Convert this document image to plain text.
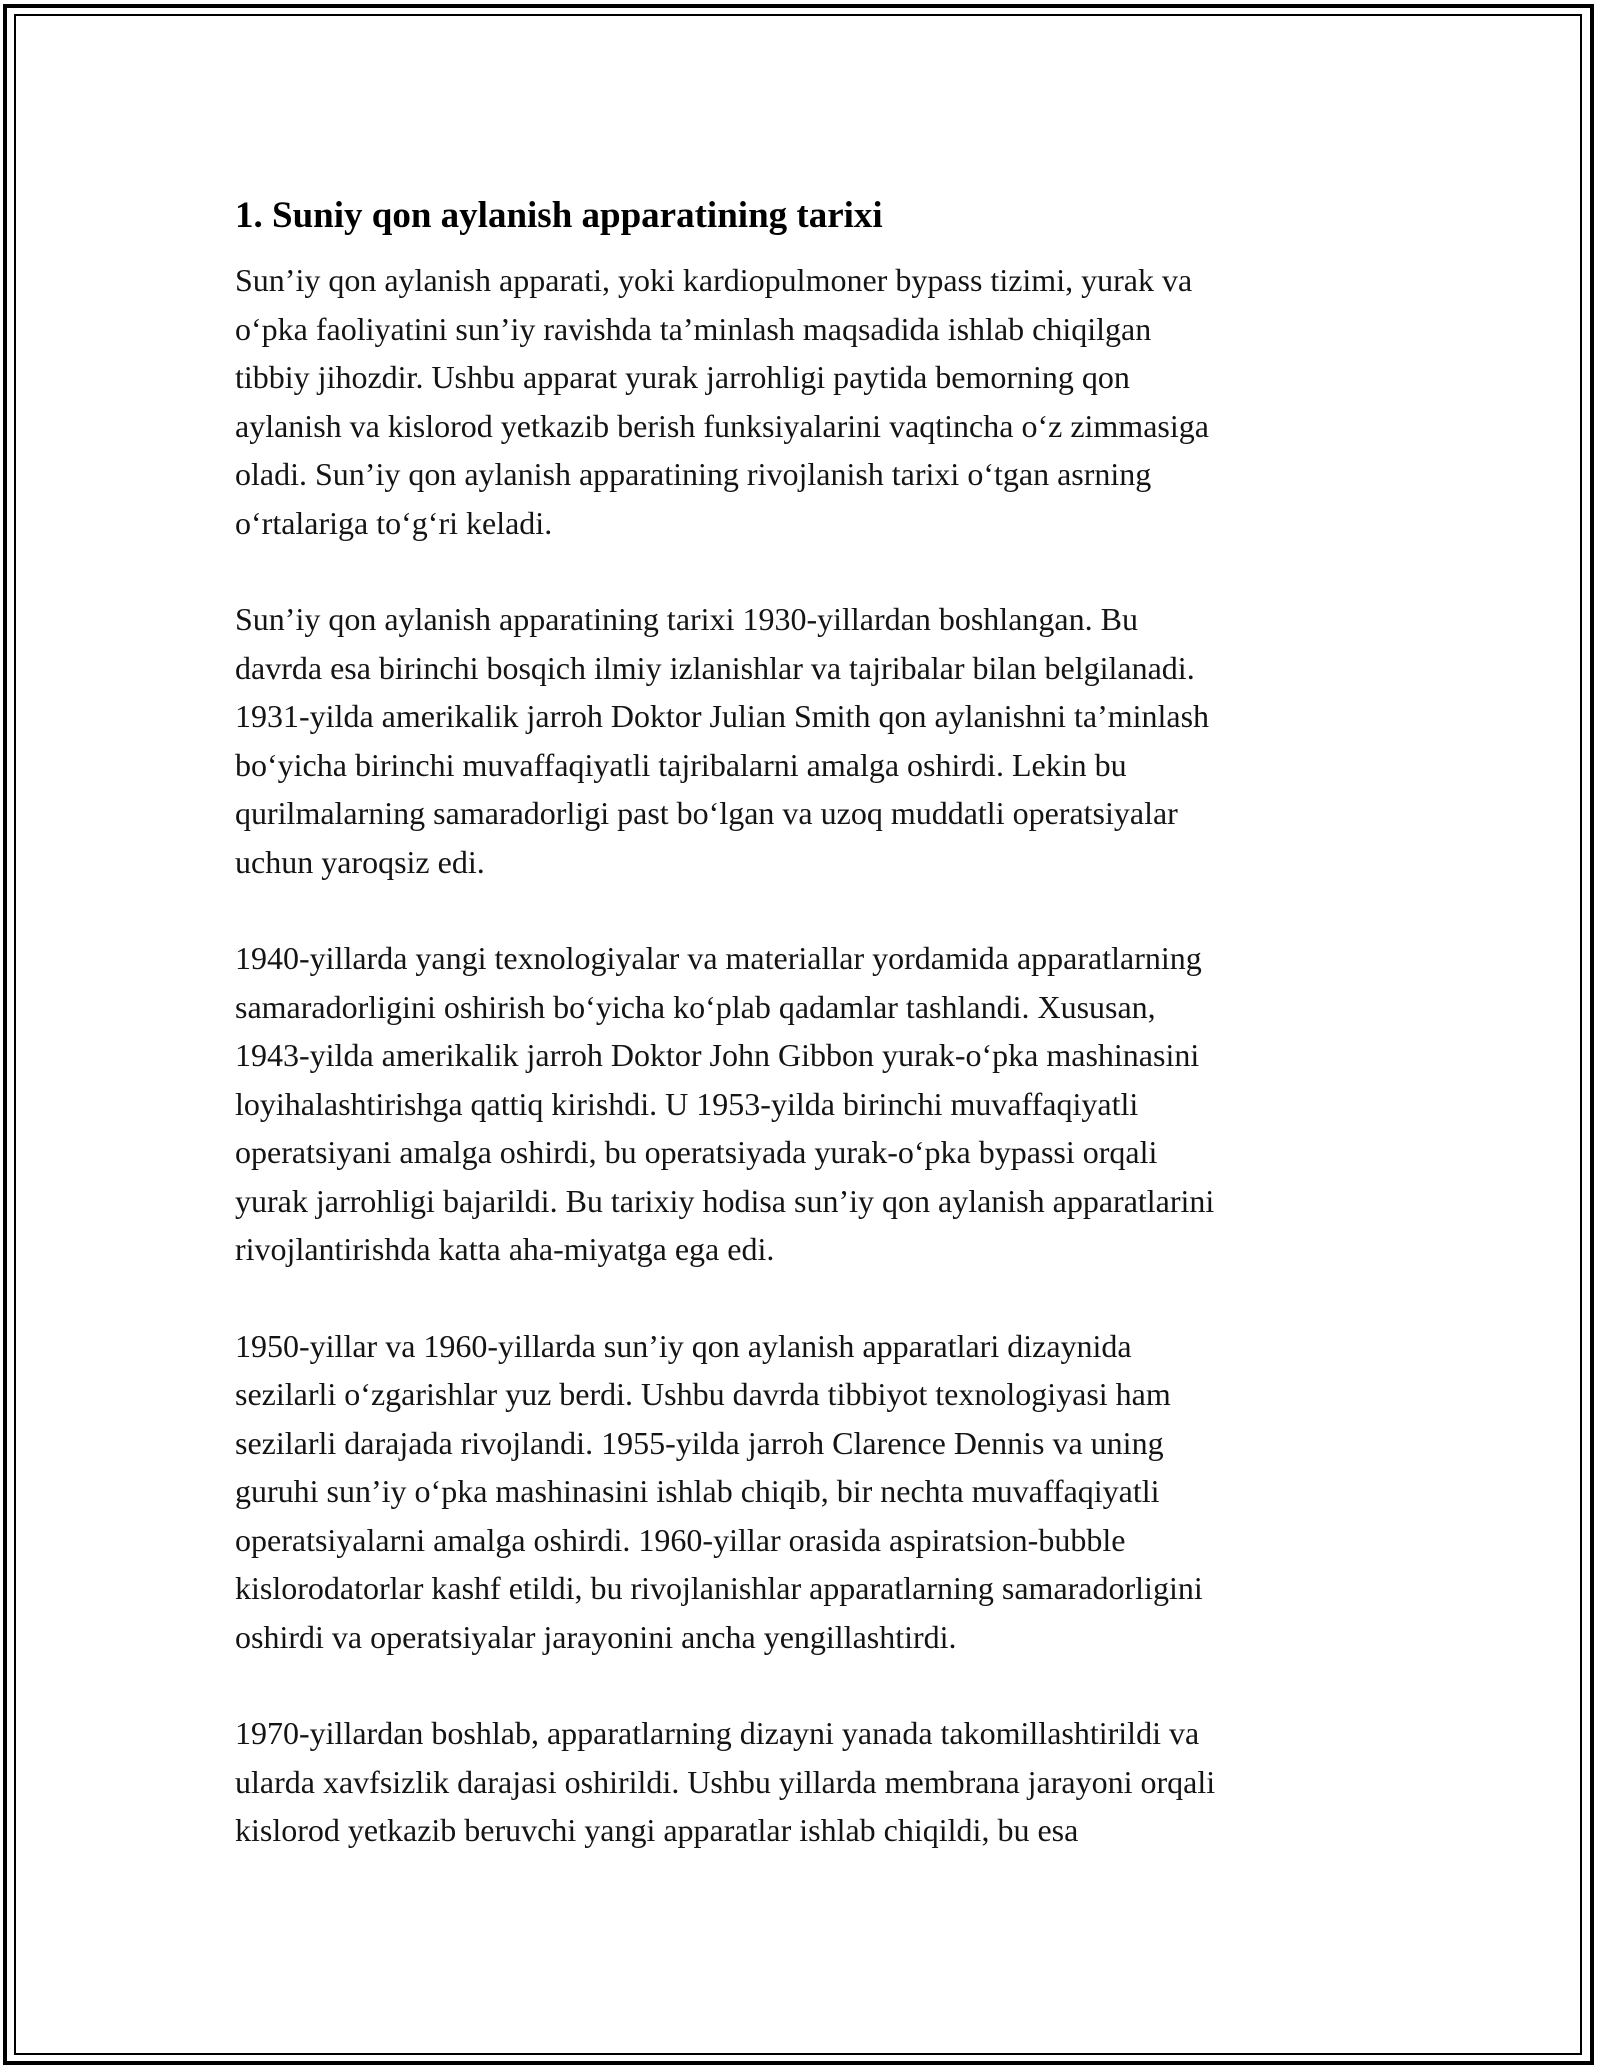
1. Suniy qon aylanish apparatining tarixi

Sun’iy qon aylanish apparati, yoki kardiopulmoner bypass tizimi, yurak va
o‘pka faoliyatini sun’iy ravishda ta’minlash maqsadida ishlab chiqilgan
tibbiy jihozdir. Ushbu apparat yurak jarrohligi paytida bemorning qon
aylanish va kislorod yetkazib berish funksiyalarini vaqtincha o‘z zimmasiga
oladi. Sun’iy qon aylanish apparatining rivojlanish tarixi o‘tgan asrning
o‘rtalariga to‘g‘ri keladi.

Sun’iy qon aylanish apparatining tarixi 1930-yillardan boshlangan. Bu
davrda esa birinchi bosqich ilmiy izlanishlar va tajribalar bilan belgilanadi.
1931-yilda amerikalik jarroh Doktor Julian Smith qon aylanishni ta’minlash
bo‘yicha birinchi muvaffaqiyatli tajribalarni amalga oshirdi. Lekin bu
qurilmalarning samaradorligi past bo‘lgan va uzoq muddatli operatsiyalar
uchun yaroqsiz edi.

1940-yillarda yangi texnologiyalar va materiallar yordamida apparatlarning
samaradorligini oshirish bo‘yicha ko‘plab qadamlar tashlandi. Xususan,
1943-yilda amerikalik jarroh Doktor John Gibbon yurak-o‘pka mashinasini
loyihalashtirishga qattiq kirishdi. U 1953-yilda birinchi muvaffaqiyatli
operatsiyani amalga oshirdi, bu operatsiyada yurak-o‘pka bypassi orqali
yurak jarrohligi bajarildi. Bu tarixiy hodisa sun’iy qon aylanish apparatlarini
rivojlantirishda katta aha-miyatga ega edi.

1950-yillar va 1960-yillarda sun’iy qon aylanish apparatlari dizaynida
sezilarli o‘zgarishlar yuz berdi. Ushbu davrda tibbiyot texnologiyasi ham
sezilarli darajada rivojlandi. 1955-yilda jarroh Clarence Dennis va uning
guruhi sun’iy o‘pka mashinasini ishlab chiqib, bir nechta muvaffaqiyatli
operatsiyalarni amalga oshirdi. 1960-yillar orasida aspiratsion-bubble
kislorodatorlar kashf etildi, bu rivojlanishlar apparatlarning samaradorligini
oshirdi va operatsiyalar jarayonini ancha yengillashtirdi.

1970-yillardan boshlab, apparatlarning dizayni yanada takomillashtirildi va
ularda xavfsizlik darajasi oshirildi. Ushbu yillarda membrana jarayoni orqali
kislorod yetkazib beruvchi yangi apparatlar ishlab chiqildi, bu esa
